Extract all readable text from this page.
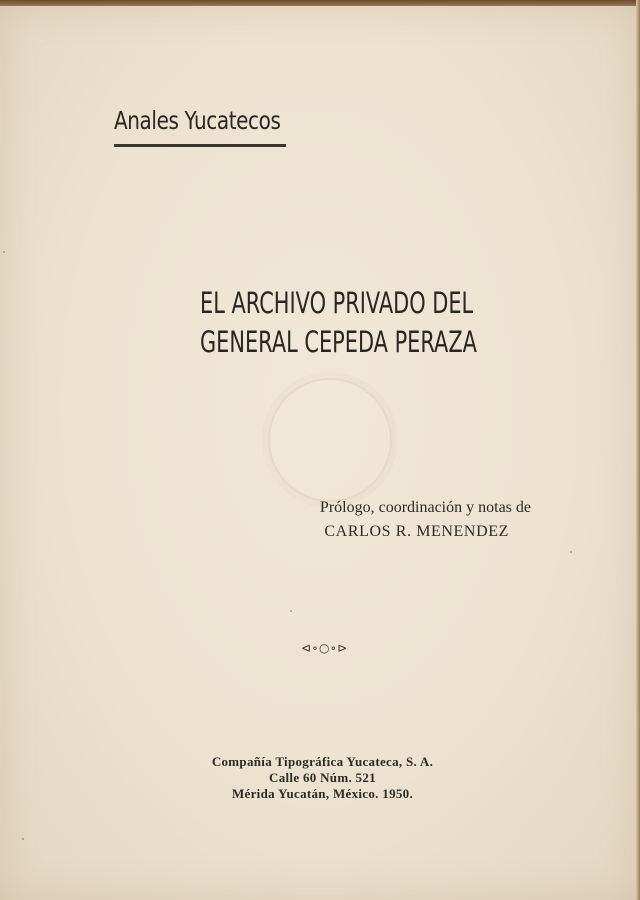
Anales Yucatecos
EL ARCHIVO PRIVADO DEL
GENERAL CEPEDA PERAZA
Prólogo, coordinación y notas de
CARLOS R. MENENDEZ
⊲∘○∘⊳
Compañía Tipográfica Yucateca, S. A.
Calle 60 Núm. 521
Mérida Yucatán, México. 1950.
